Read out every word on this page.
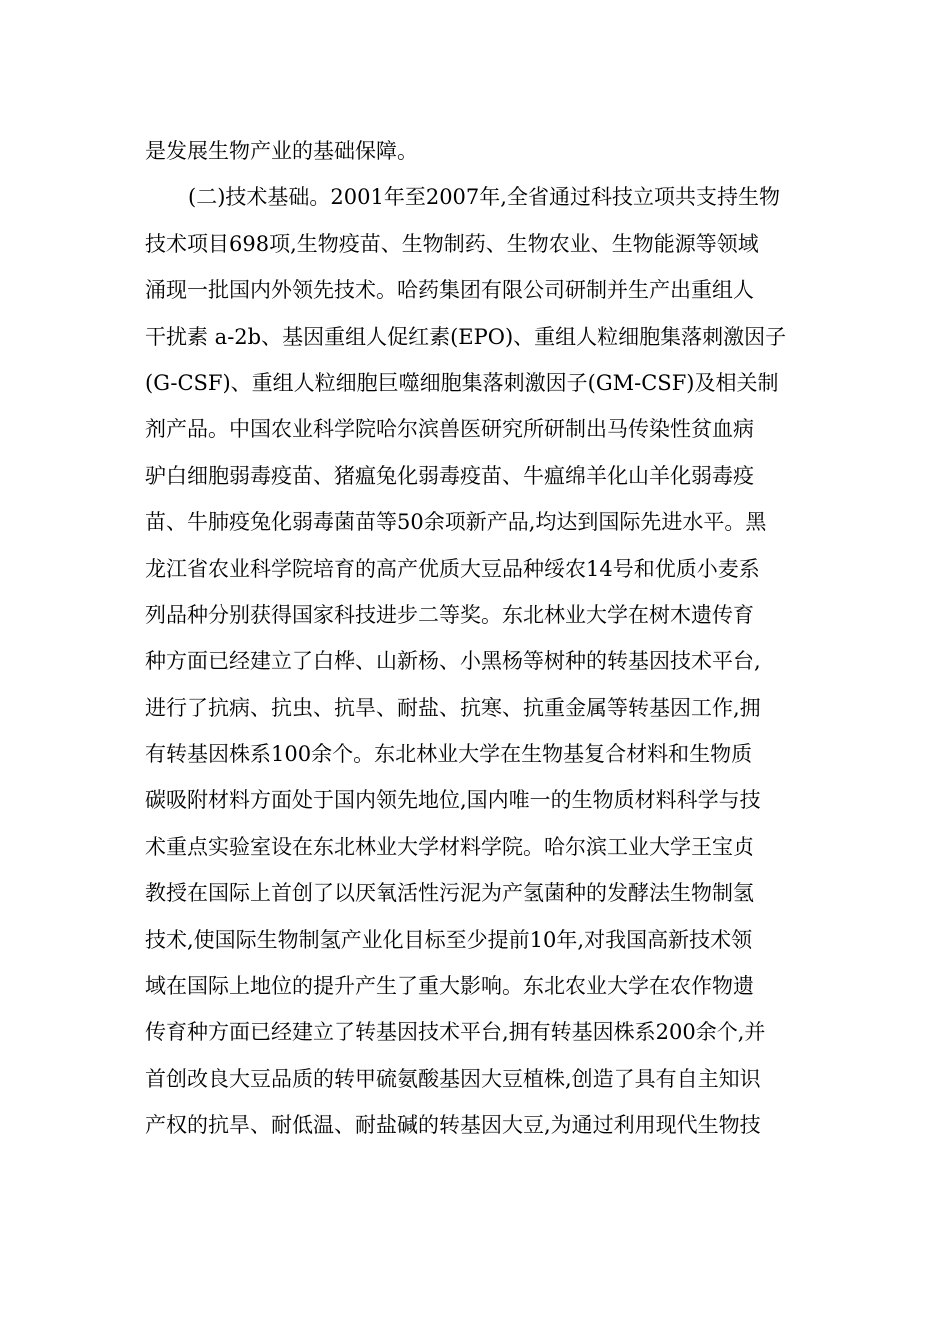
是发展生物产业的基础保障。
(二)技术基础。2001年至2007年,全省通过科技立项共支持生物
技术项目698项,生物疫苗、生物制药、生物农业、生物能源等领域
涌现一批国内外领先技术。哈药集团有限公司研制并生产出重组人
干扰素 a-2b、基因重组人促红素(EPO)、重组人粒细胞集落刺激因子
(G-CSF)、重组人粒细胞巨噬细胞集落刺激因子(GM-CSF)及相关制
剂产品。中国农业科学院哈尔滨兽医研究所研制出马传染性贫血病
驴白细胞弱毒疫苗、猪瘟兔化弱毒疫苗、牛瘟绵羊化山羊化弱毒疫
苗、牛肺疫兔化弱毒菌苗等50余项新产品,均达到国际先进水平。黑
龙江省农业科学院培育的高产优质大豆品种绥农14号和优质小麦系
列品种分别获得国家科技进步二等奖。东北林业大学在树木遗传育
种方面已经建立了白桦、山新杨、小黑杨等树种的转基因技术平台,
进行了抗病、抗虫、抗旱、耐盐、抗寒、抗重金属等转基因工作,拥
有转基因株系100余个。东北林业大学在生物基复合材料和生物质
碳吸附材料方面处于国内领先地位,国内唯一的生物质材料科学与技
术重点实验室设在东北林业大学材料学院。哈尔滨工业大学王宝贞
教授在国际上首创了以厌氧活性污泥为产氢菌种的发酵法生物制氢
技术,使国际生物制氢产业化目标至少提前10年,对我国高新技术领
域在国际上地位的提升产生了重大影响。东北农业大学在农作物遗
传育种方面已经建立了转基因技术平台,拥有转基因株系200余个,并
首创改良大豆品质的转甲硫氨酸基因大豆植株,创造了具有自主知识
产权的抗旱、耐低温、耐盐碱的转基因大豆,为通过利用现代生物技
